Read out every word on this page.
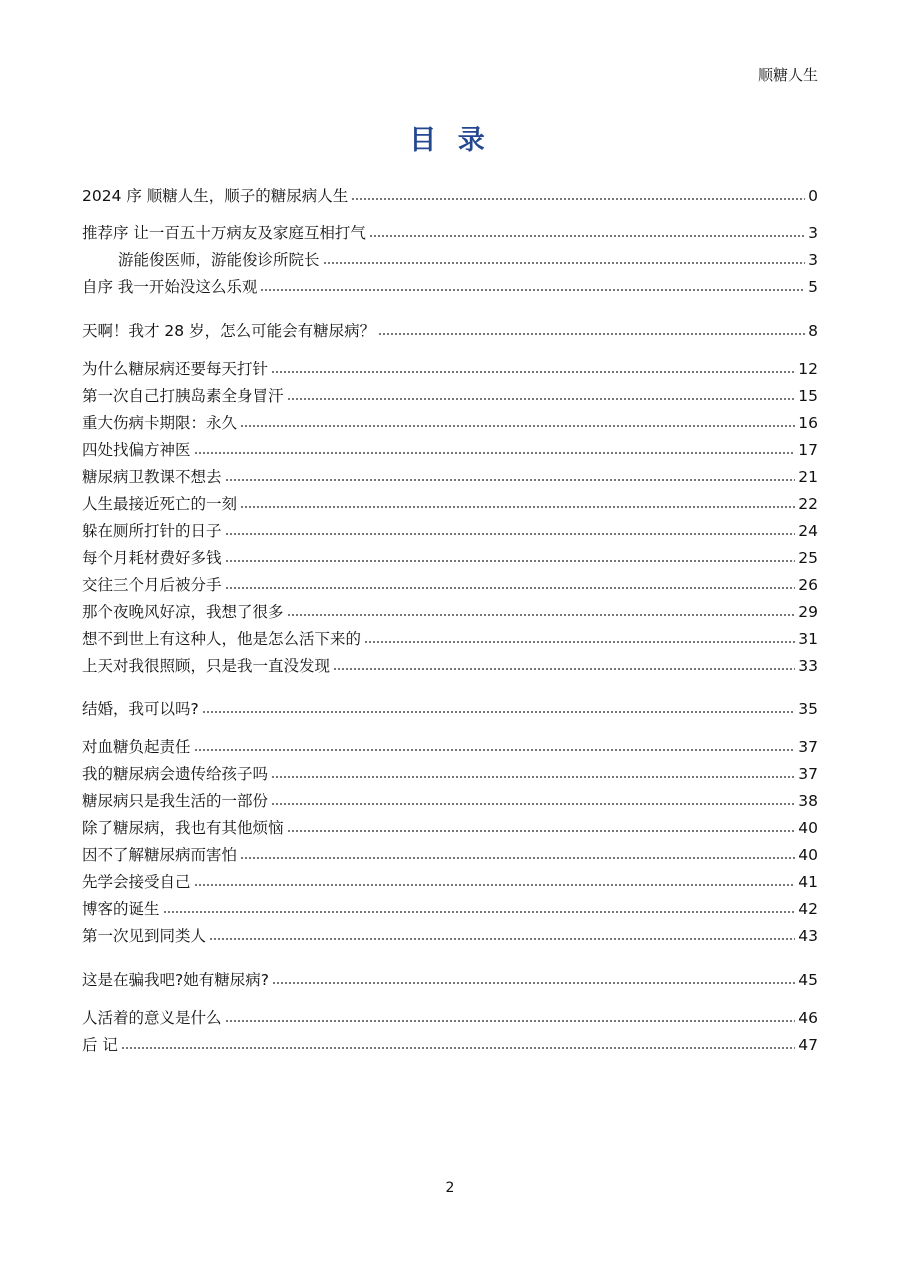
顺糖人生
目 录
2024 序 顺糖人生，顺子的糖尿病人生	0
推荐序 让一百五十万病友及家庭互相打气	3
游能俊医师，游能俊诊所院长	3
自序 我一开始没这么乐观	5
天啊！我才 28 岁，怎么可能会有糖尿病？	8
为什么糖尿病还要每天打针	12
第一次自己打胰岛素全身冒汗	15
重大伤病卡期限：永久	16
四处找偏方神医	17
糖尿病卫教课不想去	21
人生最接近死亡的一刻	22
躲在厕所打针的日子	24
每个月耗材费好多钱	25
交往三个月后被分手	26
那个夜晚风好凉，我想了很多	29
想不到世上有这种人，他是怎么活下来的	31
上天对我很照顾，只是我一直没发现	33
结婚，我可以吗?	35
对血糖负起责任	37
我的糖尿病会遗传给孩子吗	37
糖尿病只是我生活的一部份	38
除了糖尿病，我也有其他烦恼	40
因不了解糖尿病而害怕	40
先学会接受自己	41
博客的诞生	42
第一次见到同类人	43
这是在骗我吧?她有糖尿病?	45
人活着的意义是什么	46
后 记	47
2
